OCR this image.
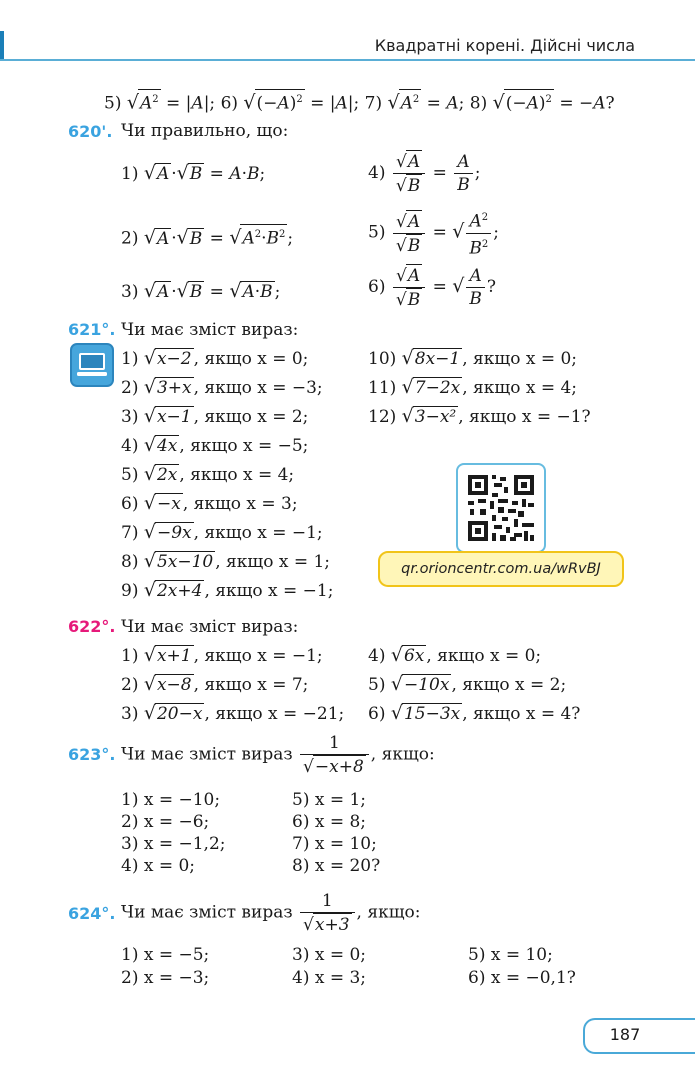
Квадратні корені. Дійсні числа
5) $√A^2 = |A|$; 6) $√(-A)^2 = |A|$; 7) $√A^2 = A$; 8) $√(-A)^2 = -A$?
620'. Чи правильно, що:
1) √A ·√B = A·B;
2) $√A \cdot√B = √A^2\cdot B^2$ ;
3) √A ·√B = √A·B ;
$4) \frac{√A}{√B} = \frac{A}{B}$ ;
$5) \frac{√A}{√B}$ = √ $\frac{A^2}{B^2}$ ;
$6) \frac{√A}{√B}$ = √ $\frac{A}{B}$ ?
621°. Чи має зміст вираз:
1) √x−2 , якщо x = 0;
2) √3+x , якщо x = −3;
3) √x−1 , якщо x = 2;
4) √4x , якщо x = −5;
5) √2x , якщо x = 4;
6) √−x , якщо x = 3;
7) √−9x , якщо x = −1;
8) √5x−10 , якщо x = 1;
9) √2x+4 , якщо x = −1;
10) √8x−1 , якщо x = 0;
11) √7−2x , якщо x = 4;
12) √3−x² , якщо x = −1?
qr.orioncentr.com.ua/wRvBJ
622°. Чи має зміст вираз:
1) √x+1 , якщо x = −1;
2) √x−8 , якщо x = 7;
3) √20−x , якщо x = −21;
4) √6x , якщо x = 0;
5) √−10x , якщо x = 2;
6) √15−3x , якщо x = 4?
623°. Чи має зміст вираз $\frac{1}{√-x+8}$ , якщо:
1) x = −10;
2) x = −6;
3) x = −1,2;
4) x = 0;
5) x = 1;
6) x = 8;
7) x = 10;
8) x = 20?
624°. Чи має зміст вираз $\frac{1}{√x+3}$ , якщо:
1) x = −5;
2) x = −3;
3) x = 0;
4) x = 3;
5) x = 10;
6) x = −0,1?
187
